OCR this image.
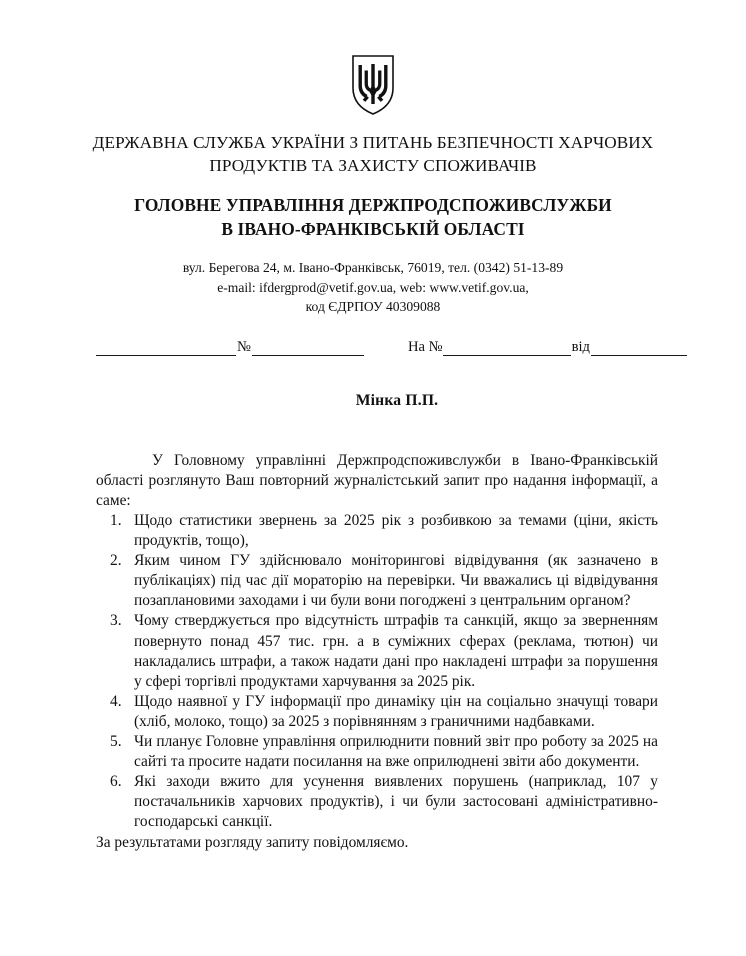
ДЕРЖАВНА СЛУЖБА УКРАЇНИ З ПИТАНЬ БЕЗПЕЧНОСТІ ХАРЧОВИХ
ПРОДУКТІВ ТА ЗАХИСТУ СПОЖИВАЧІВ
ГОЛОВНЕ УПРАВЛІННЯ ДЕРЖПРОДСПОЖИВСЛУЖБИ
В ІВАНО-ФРАНКІВСЬКІЙ ОБЛАСТІ
вул. Берегова 24, м. Івано-Франківськ, 76019, тел. (0342) 51-13-89
e-mail: ifdergprod@vetif.gov.ua, web: www.vetif.gov.ua,
код ЄДРПОУ 40309088
№	На №	від
Мінка П.П.

У Головному управлінні Держпродспоживслужби в Івано-Франківській області розглянуто Ваш повторний журналістський запит про надання інформації, а саме:

Щодо статистики звернень за 2025 рік з розбивкою за темами (ціни, якість продуктів, тощо),
Яким чином ГУ здійснювало моніторингові відвідування (як зазначено в публікаціях) під час дії мораторію на перевірки. Чи вважались ці відвідування позаплановими заходами і чи були вони погоджені з центральним органом?
Чому стверджується про відсутність штрафів та санкцій, якщо за зверненням повернуто понад 457 тис. грн. а в суміжних сферах (реклама, тютюн) чи накладались штрафи, а також надати дані про накладені штрафи за порушення у сфері торгівлі продуктами харчування за 2025 рік.
Щодо наявної у ГУ інформації про динаміку цін на соціально значущі товари (хліб, молоко, тощо) за 2025 з порівнянням з граничними надбавками.
Чи планує Головне управління оприлюднити повний звіт про роботу за 2025 на сайті та просите надати посилання на вже оприлюднені звіти або документи.
Які заходи вжито для усунення виявлених порушень (наприклад, 107 у постачальників харчових продуктів), і чи були застосовані адміністративно-господарські санкції.

За результатами розгляду запиту повідомляємо.
